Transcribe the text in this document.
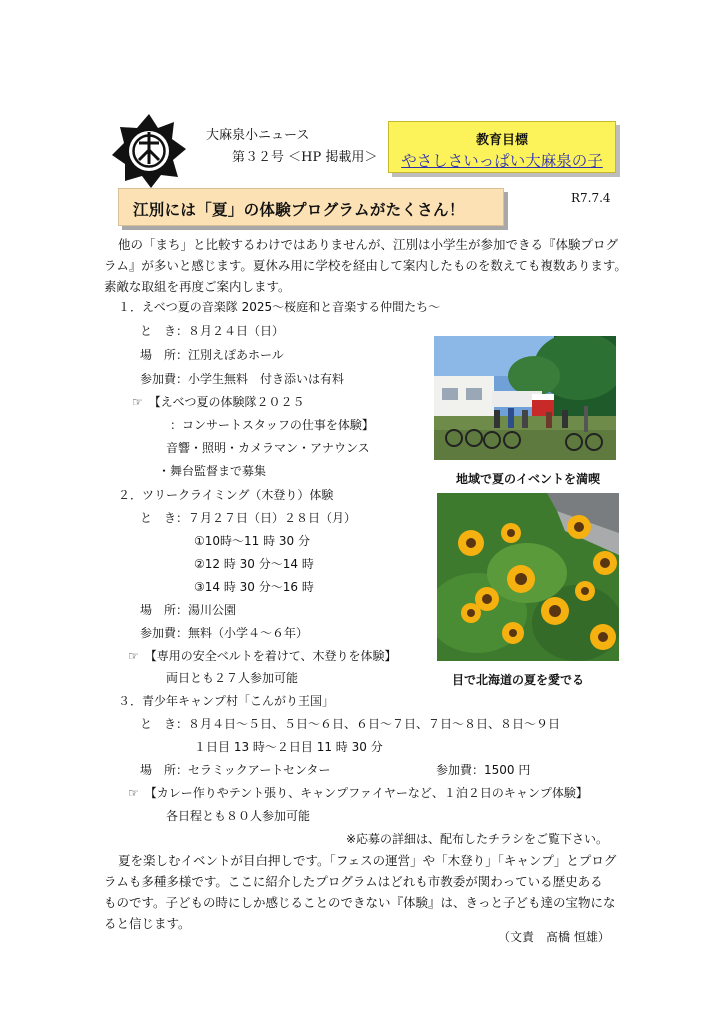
大麻泉小ニュース
第３２号 ＜HP 掲載用＞
教育目標
やさしさいっぱい大麻泉の子
江別には「夏」の体験プログラムがたくさん！
R7.7.4
他の「まち」と比較するわけではありませんが、江別は小学生が参加できる『体験プログ
ラム』が多いと感じます。夏休み用に学校を経由して案内したものを数えても複数あります。
素敵な取組を再度ご案内します。
１．えべつ夏の音楽隊 2025～桜庭和と音楽する仲間たち～
と　き：８月２４日（日）
場　所：江別えぽあホール
参加費：小学生無料　付き添いは有料
☞　【えべつ夏の体験隊２０２５
：コンサートスタッフの仕事を体験】
音響・照明・カメラマン・アナウンス
・舞台監督まで募集
２．ツリークライミング（木登り）体験
と　き：７月２７日（日）２８日（月）
①10時～11 時 30 分
②12 時 30 分～14 時
③14 時 30 分～16 時
場　所：湯川公園
参加費：無料（小学４～６年）
☞　【専用の安全ベルトを着けて、木登りを体験】
両日とも２７人参加可能
３．青少年キャンプ村「こんがり王国」
と　き：８月４日～５日、５日～６日、６日～７日、７日～８日、８日～９日
１日目 13 時～２日目 11 時 30 分
場　所：セラミックアートセンター	参加費：1500 円
☞　【カレー作りやテント張り、キャンプファイヤーなど、１泊２日のキャンプ体験】
各日程とも８０人参加可能
※応募の詳細は、配布したチラシをご覧下さい。
夏を楽しむイベントが目白押しです。「フェスの運営」や「木登り」「キャンプ」とプログ
ラムも多種多様です。ここに紹介したプログラムはどれも市教委が関わっている歴史ある
ものです。子どもの時にしか感じることのできない『体験』は、きっと子ども達の宝物にな
ると信じます。
（文責　髙橋 恒雄）
地域で夏のイベントを満喫
目で北海道の夏を愛でる
